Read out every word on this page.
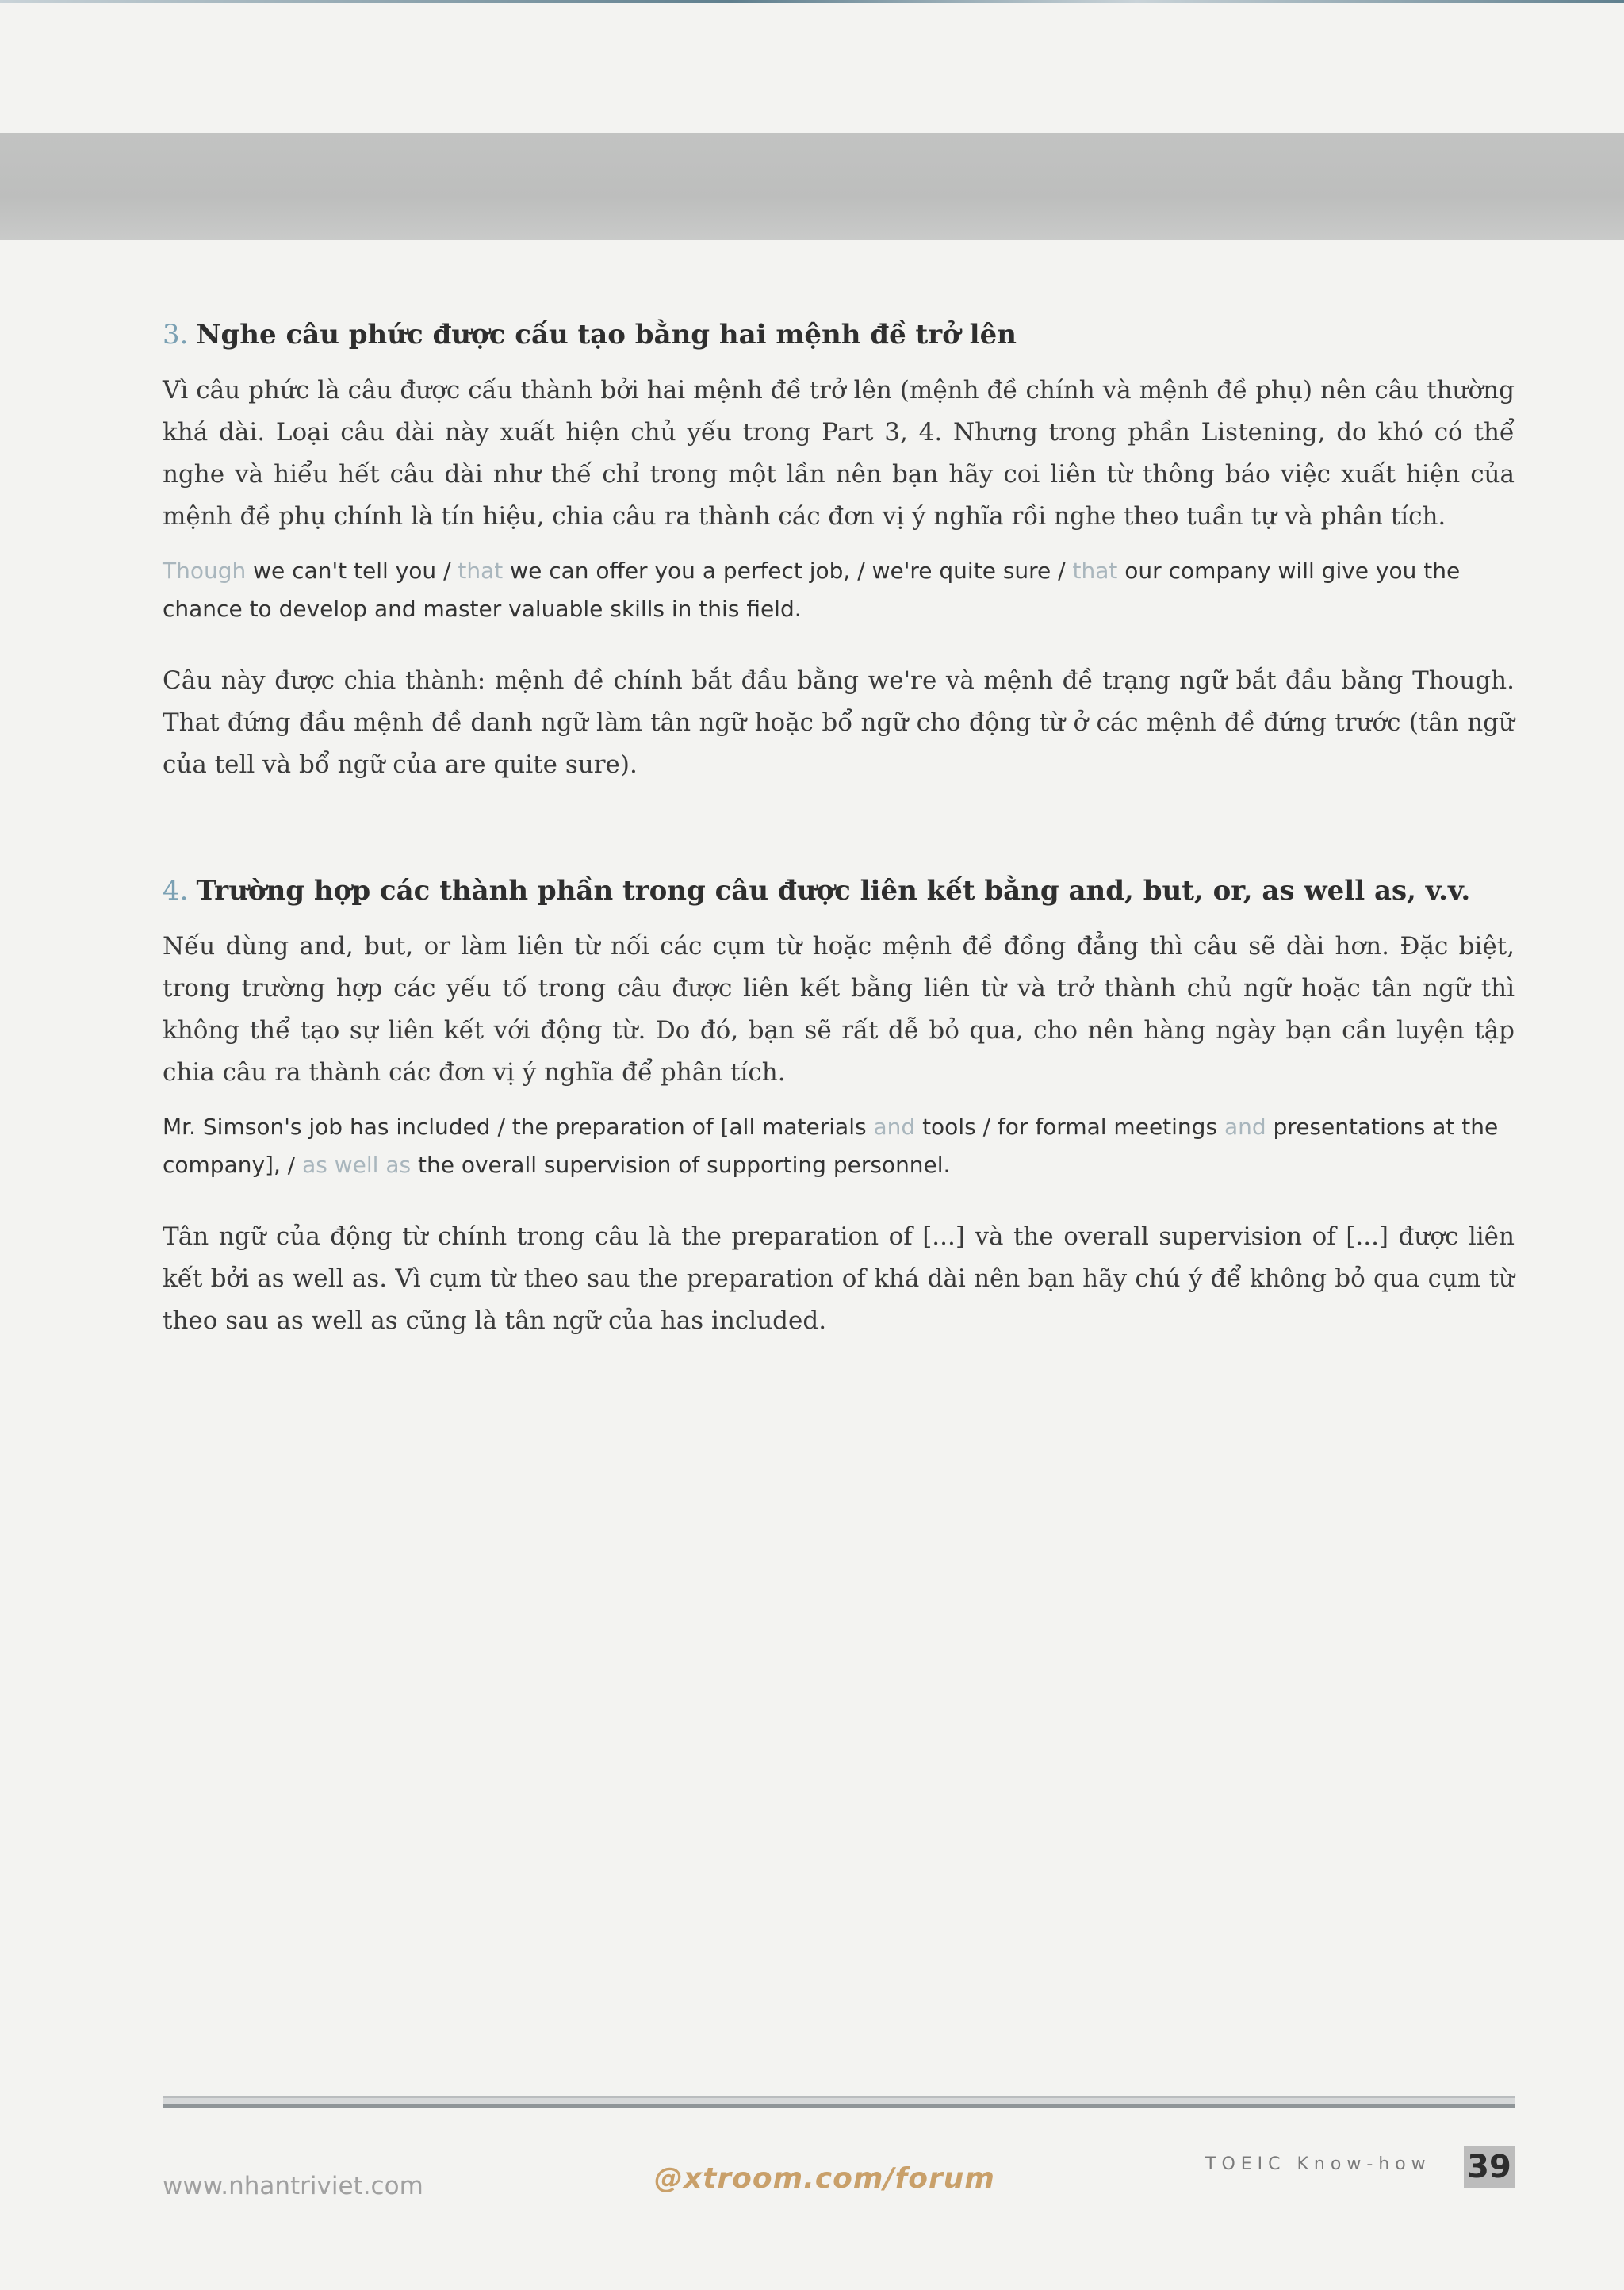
3. Nghe câu phức được cấu tạo bằng hai mệnh đề trở lên

Vì câu phức là câu được cấu thành bởi hai mệnh đề trở lên (mệnh đề chính và mệnh đề phụ) nên câu thường khá dài. Loại câu dài này xuất hiện chủ yếu trong Part 3, 4. Nhưng trong phần Listening, do khó có thể nghe và hiểu hết câu dài như thế chỉ trong một lần nên bạn hãy coi liên từ thông báo việc xuất hiện của mệnh đề phụ chính là tín hiệu, chia câu ra thành các đơn vị ý nghĩa rồi nghe theo tuần tự và phân tích.

Though we can't tell you / that we can offer you a perfect job, / we're quite sure / that our company will give you the chance to develop and master valuable skills in this field.

Câu này được chia thành: mệnh đề chính bắt đầu bằng we're và mệnh đề trạng ngữ bắt đầu bằng Though. That đứng đầu mệnh đề danh ngữ làm tân ngữ hoặc bổ ngữ cho động từ ở các mệnh đề đứng trước (tân ngữ của tell và bổ ngữ của are quite sure).

4. Trường hợp các thành phần trong câu được liên kết bằng and, but, or, as well as, v.v.

Nếu dùng and, but, or làm liên từ nối các cụm từ hoặc mệnh đề đồng đẳng thì câu sẽ dài hơn. Đặc biệt, trong trường hợp các yếu tố trong câu được liên kết bằng liên từ và trở thành chủ ngữ hoặc tân ngữ thì không thể tạo sự liên kết với động từ. Do đó, bạn sẽ rất dễ bỏ qua, cho nên hàng ngày bạn cần luyện tập chia câu ra thành các đơn vị ý nghĩa để phân tích.

Mr. Simson's job has included / the preparation of [all materials and tools / for formal meetings and presentations at the company], / as well as the overall supervision of supporting personnel.

Tân ngữ của động từ chính trong câu là the preparation of [...] và the overall supervision of [...] được liên kết bởi as well as. Vì cụm từ theo sau the preparation of khá dài nên bạn hãy chú ý để không bỏ qua cụm từ theo sau as well as cũng là tân ngữ của has included.

www.nhantriviet.com	@xtroom.com/forum	TOEIC Know-how 39
